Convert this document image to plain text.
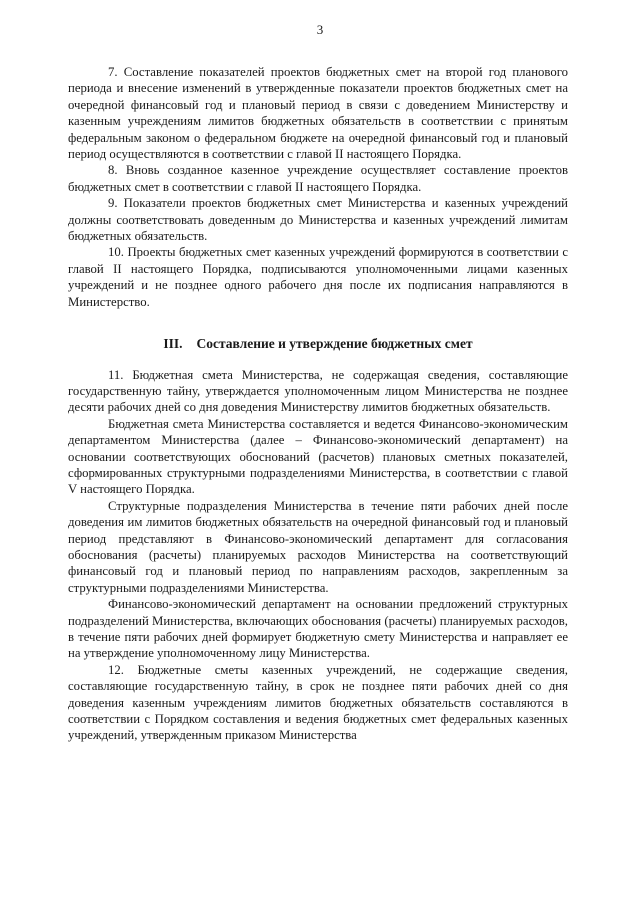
3

7. Составление показателей проектов бюджетных смет на второй год планового периода и внесение изменений в утвержденные показатели проектов бюджетных смет на очередной финансовый год и плановый период в связи с доведением Министерству и казенным учреждениям лимитов бюджетных обязательств в соответствии с принятым федеральным законом о федеральном бюджете на очередной финансовый год и плановый период осуществляются в соответствии с главой II настоящего Порядка.

8. Вновь созданное казенное учреждение осуществляет составление проектов бюджетных смет в соответствии с главой II настоящего Порядка.

9. Показатели проектов бюджетных смет Министерства и казенных учреждений должны соответствовать доведенным до Министерства и казенных учреждений лимитам бюджетных обязательств.

10. Проекты бюджетных смет казенных учреждений формируются в соответствии с главой II настоящего Порядка, подписываются уполномоченными лицами казенных учреждений и не позднее одного рабочего дня после их подписания направляются в Министерство.

III. Составление и утверждение бюджетных смет

11. Бюджетная смета Министерства, не содержащая сведения, составляющие государственную тайну, утверждается уполномоченным лицом Министерства не позднее десяти рабочих дней со дня доведения Министерству лимитов бюджетных обязательств.

Бюджетная смета Министерства составляется и ведется Финансово-экономическим департаментом Министерства (далее – Финансово-экономический департамент) на основании соответствующих обоснований (расчетов) плановых сметных показателей, сформированных структурными подразделениями Министерства, в соответствии с главой V настоящего Порядка.

Структурные подразделения Министерства в течение пяти рабочих дней после доведения им лимитов бюджетных обязательств на очередной финансовый год и плановый период представляют в Финансово-экономический департамент для согласования обоснования (расчеты) планируемых расходов Министерства на соответствующий финансовый год и плановый период по направлениям расходов, закрепленным за структурными подразделениями Министерства.

Финансово-экономический департамент на основании предложений структурных подразделений Министерства, включающих обоснования (расчеты) планируемых расходов, в течение пяти рабочих дней формирует бюджетную смету Министерства и направляет ее на утверждение уполномоченному лицу Министерства.

12. Бюджетные сметы казенных учреждений, не содержащие сведения, составляющие государственную тайну, в срок не позднее пяти рабочих дней со дня доведения казенным учреждениям лимитов бюджетных обязательств составляются в соответствии с Порядком составления и ведения бюджетных смет федеральных казенных учреждений, утвержденным приказом Министерства
